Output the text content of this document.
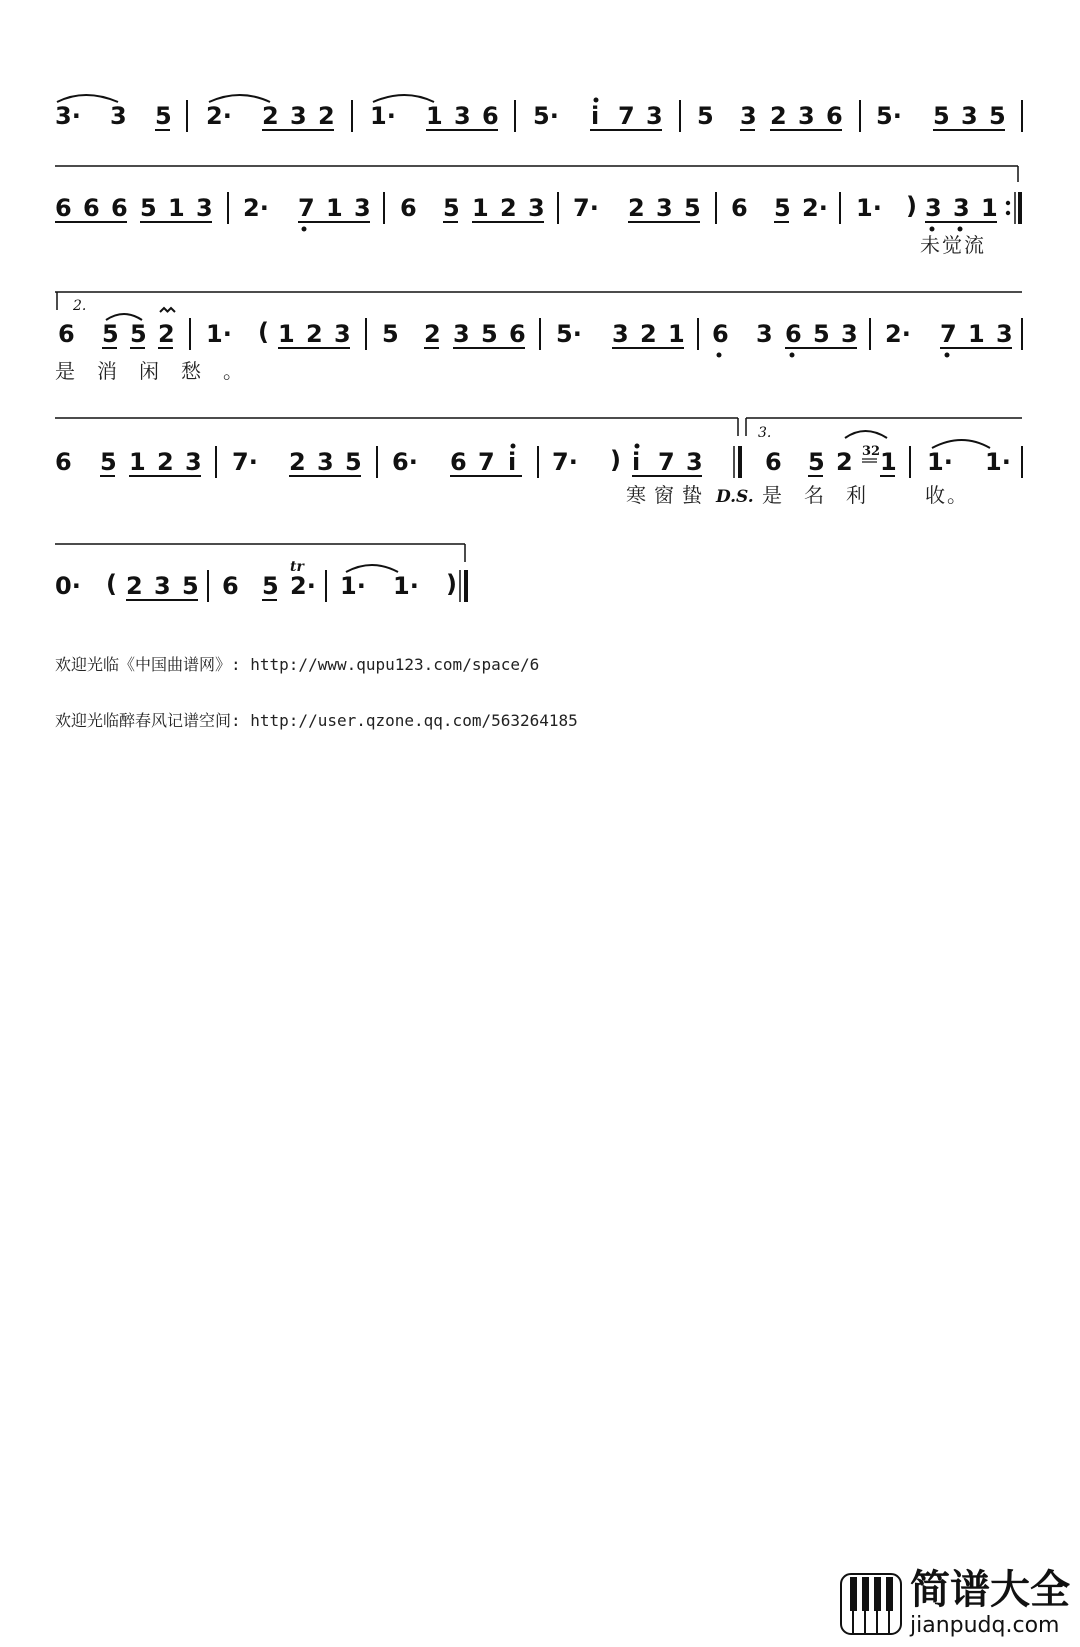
3· 3 5 2· 2 3 2 1· 1 3 6 5· i 7 3 5 3 2 3 6 5· 5 3 5
6 6 6 5 1 3 2· 7 1 3 6 5 1 2 3 7· 2 3 5 6 5 2· 1· ) 3 3 1
未觉流
2.
6 5 5 2 1· ( 1 2 3 5 2 3 5 6 5· 3 2 1 6 3 6 5 3 2· 7 1 3
是消闲愁。
3.
6 5 1 2 3 7· 2 3 5 6· 6 7 i 7· ) i 7 3	6 5 2 32 1 1· 1·
寒窗蛰 D.S. 是名利 收。
0· ( 2 3 5 6 5
tr
2· 1· 1· )
欢迎光临《中国曲谱网》: http://www.qupu123.com/space/6
欢迎光临醉春风记谱空间: http://user.qzone.qq.com/563264185
简谱大全
jianpudq.com
